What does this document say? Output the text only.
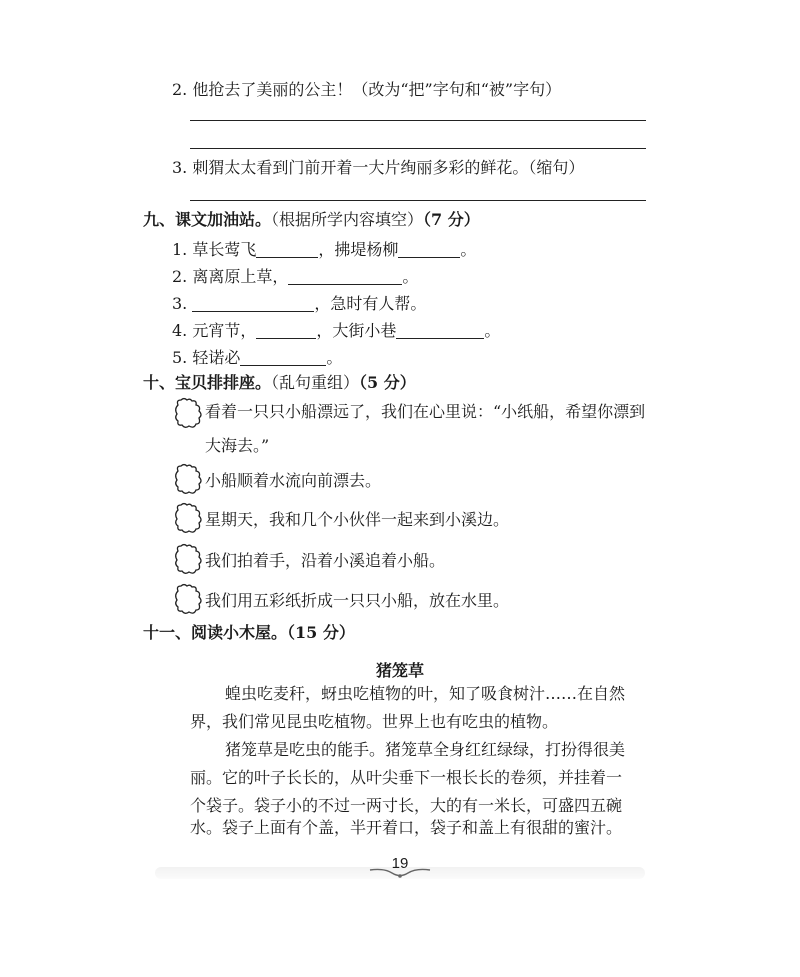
2. 他抢去了美丽的公主！（改为“把”字句和“被”字句）
3. 刺猬太太看到门前开着一大片绚丽多彩的鲜花。（缩句）
九、课文加油站。（根据所学内容填空）（7 分）
1. 草长莺飞	，拂堤杨柳	。
2. 离离原上草，	。
3.	，急时有人帮。
4. 元宵节，	，大街小巷	。
5. 轻诺必	。
十、宝贝排排座。（乱句重组）（5 分）
看着一只只小船漂远了，我们在心里说：“小纸船，希望你漂到
大海去。”
小船顺着水流向前漂去。
星期天，我和几个小伙伴一起来到小溪边。
我们拍着手，沿着小溪追着小船。
我们用五彩纸折成一只只小船，放在水里。
十一、阅读小木屋。（15 分）
猪笼草
蝗虫吃麦秆，蚜虫吃植物的叶，知了吸食树汁……在自然
界，我们常见昆虫吃植物。世界上也有吃虫的植物。
猪笼草是吃虫的能手。猪笼草全身红红绿绿，打扮得很美
丽。它的叶子长长的，从叶尖垂下一根长长的卷须，并挂着一
个袋子。袋子小的不过一两寸长，大的有一米长，可盛四五碗
水。袋子上面有个盖，半开着口，袋子和盖上有很甜的蜜汁。
19
